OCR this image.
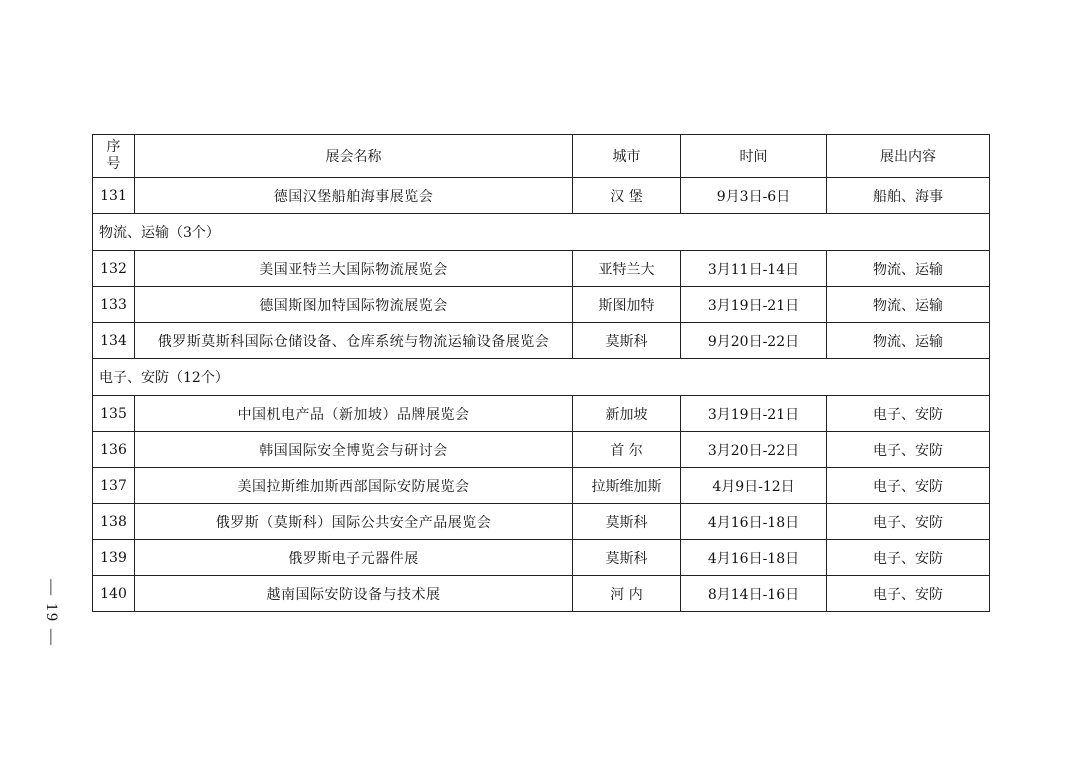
— 19 —
序
号	展会名称	城市	时间	展出内容
131	德国汉堡船舶海事展览会	汉 堡	9月3日-6日	船舶、海事
物流、运输（3个）				
132	美国亚特兰大国际物流展览会	亚特兰大	3月11日-14日	物流、运输
133	德国斯图加特国际物流展览会	斯图加特	3月19日-21日	物流、运输
134	俄罗斯莫斯科国际仓储设备、仓库系统与物流运输设备展览会	莫斯科	9月20日-22日	物流、运输
电子、安防（12个）				
135	中国机电产品（新加坡）品牌展览会	新加坡	3月19日-21日	电子、安防
136	韩国国际安全博览会与研讨会	首 尔	3月20日-22日	电子、安防
137	美国拉斯维加斯西部国际安防展览会	拉斯维加斯	4月9日-12日	电子、安防
138	俄罗斯（莫斯科）国际公共安全产品展览会	莫斯科	4月16日-18日	电子、安防
139	俄罗斯电子元器件展	莫斯科	4月16日-18日	电子、安防
140	越南国际安防设备与技术展	河 内	8月14日-16日	电子、安防
